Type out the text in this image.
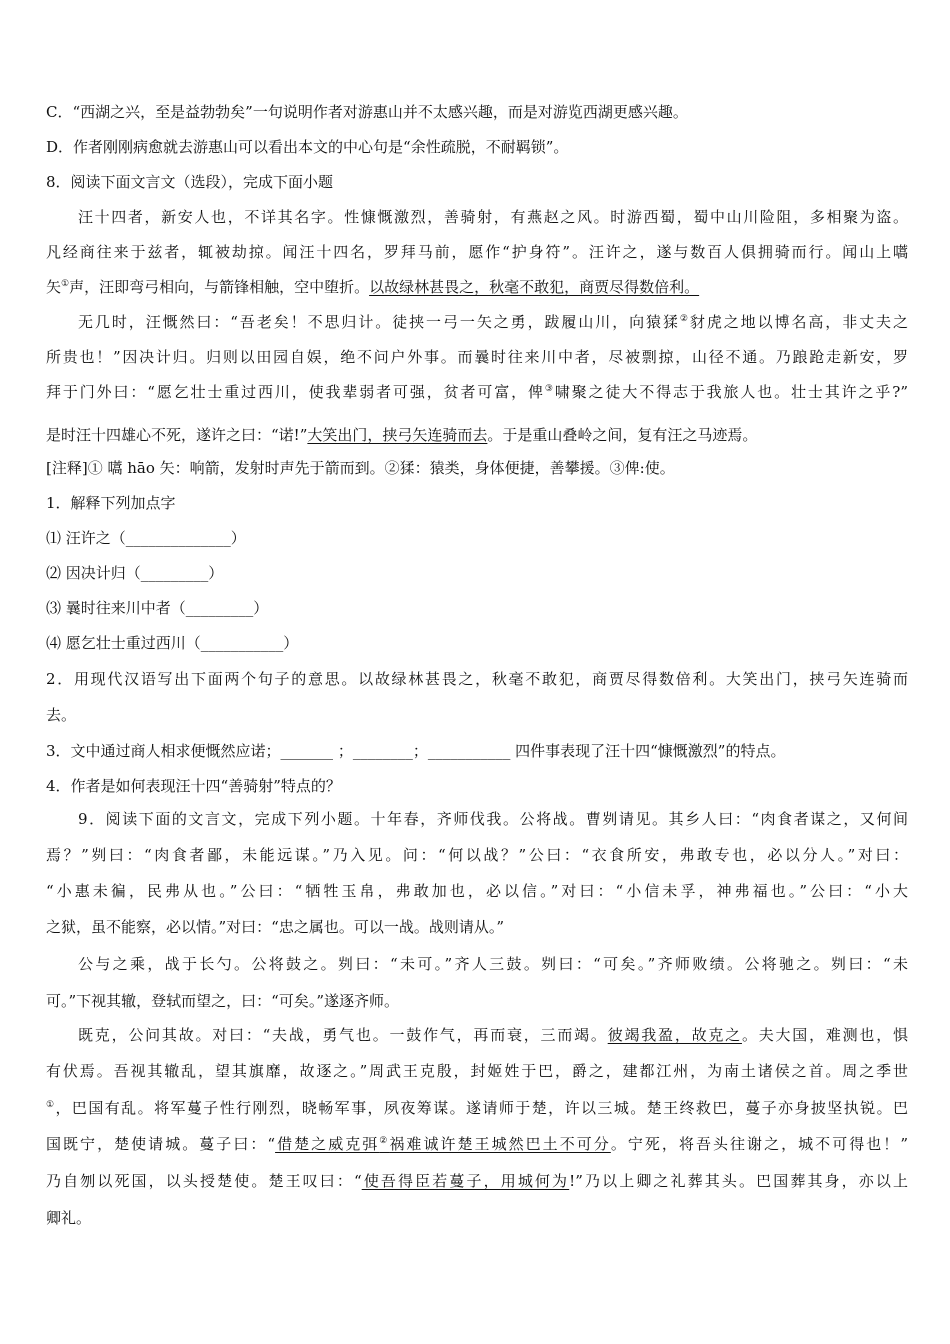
C．“西湖之兴，至是益勃勃矣”一句说明作者对游惠山并不太感兴趣，而是对游览西湖更感兴趣。
D．作者刚刚病愈就去游惠山可以看出本文的中心句是“余性疏脱，不耐羁锁”。
8．阅读下面文言文（选段），完成下面小题
汪十四者，新安人也，不详其名字。性慷慨激烈，善骑射，有燕赵之风。时游西蜀，蜀中山川险阻，多相聚为盗。
凡经商往来于兹者，辄被劫掠。闻汪十四名，罗拜马前，愿作“护身符”。汪许之，遂与数百人俱拥骑而行。闻山上嚆
矢①声，汪即弯弓相向，与箭锋相触，空中堕折。以故绿林甚畏之，秋毫不敢犯，商贾尽得数倍利。
无几时，汪慨然曰：“吾老矣！不思归计。徒挟一弓一矢之勇，跋履山川，向猿猱②豺虎之地以博名高，非丈夫之
所贵也！”因决计归。归则以田园自娱，绝不问户外事。而曩时往来川中者，尽被剽掠，山径不通。乃踉跄走新安，罗
拜于门外曰：“愿乞壮士重过西川，使我辈弱者可强，贫者可富，俾③啸聚之徒大不得志于我旅人也。壮士其许之乎?”
是时汪十四雄心不死，遂许之曰：“诺!”大笑出门，挟弓矢连骑而去。于是重山叠岭之间，复有汪之马迹焉。
[注释]① 嚆 hāo 矢：响箭，发射时声先于箭而到。②猱：猿类，身体便捷，善攀援。③俾:使。
1．解释下列加点字
⑴ 汪许之（______________）
⑵ 因决计归（_________）
⑶ 曩时往来川中者（_________）
⑷ 愿乞壮士重过西川（___________）
2．用现代汉语写出下面两个句子的意思。以故绿林甚畏之，秋毫不敢犯，商贾尽得数倍利。大笑出门，挟弓矢连骑而
去。
3．文中通过商人相求便慨然应诺；_______ ；________；___________ 四件事表现了汪十四“慷慨激烈”的特点。
4．作者是如何表现汪十四“善骑射”特点的？
9．阅读下面的文言文，完成下列小题。十年春，齐师伐我。公将战。曹刿请见。其乡人曰：“肉食者谋之，又何间
焉？”刿曰：“肉食者鄙，未能远谋。”乃入见。问：“何以战？”公曰：“衣食所安，弗敢专也，必以分人。”对曰：
“小惠未徧，民弗从也。”公曰：“牺牲玉帛，弗敢加也，必以信。”对曰：“小信未孚，神弗福也。”公曰：“小大
之狱，虽不能察，必以情。”对曰：“忠之属也。可以一战。战则请从。”
公与之乘，战于长勺。公将鼓之。刿曰：“未可。”齐人三鼓。刿曰：“可矣。”齐师败绩。公将驰之。刿曰：“未
可。”下视其辙，登轼而望之，曰：“可矣。”遂逐齐师。
既克，公问其故。对曰：“夫战，勇气也。一鼓作气，再而衰，三而竭。彼竭我盈，故克之。夫大国，难测也，惧
有伏焉。吾视其辙乱，望其旗靡，故逐之。”周武王克殷，封姬姓于巴，爵之，建都江州，为南土诸侯之首。周之季世
①，巴国有乱。将军蔓子性行刚烈，晓畅军事，夙夜筹谋。遂请师于楚，许以三城。楚王终救巴，蔓子亦身披坚执锐。巴
国既宁，楚使请城。蔓子曰：“借楚之威克弭②祸难诚许楚王城然巴土不可分。宁死，将吾头往谢之，城不可得也！”
乃自刎以死国，以头授楚使。楚王叹曰：“使吾得臣若蔓子，用城何为!”乃以上卿之礼葬其头。巴国葬其身，亦以上
卿礼。
